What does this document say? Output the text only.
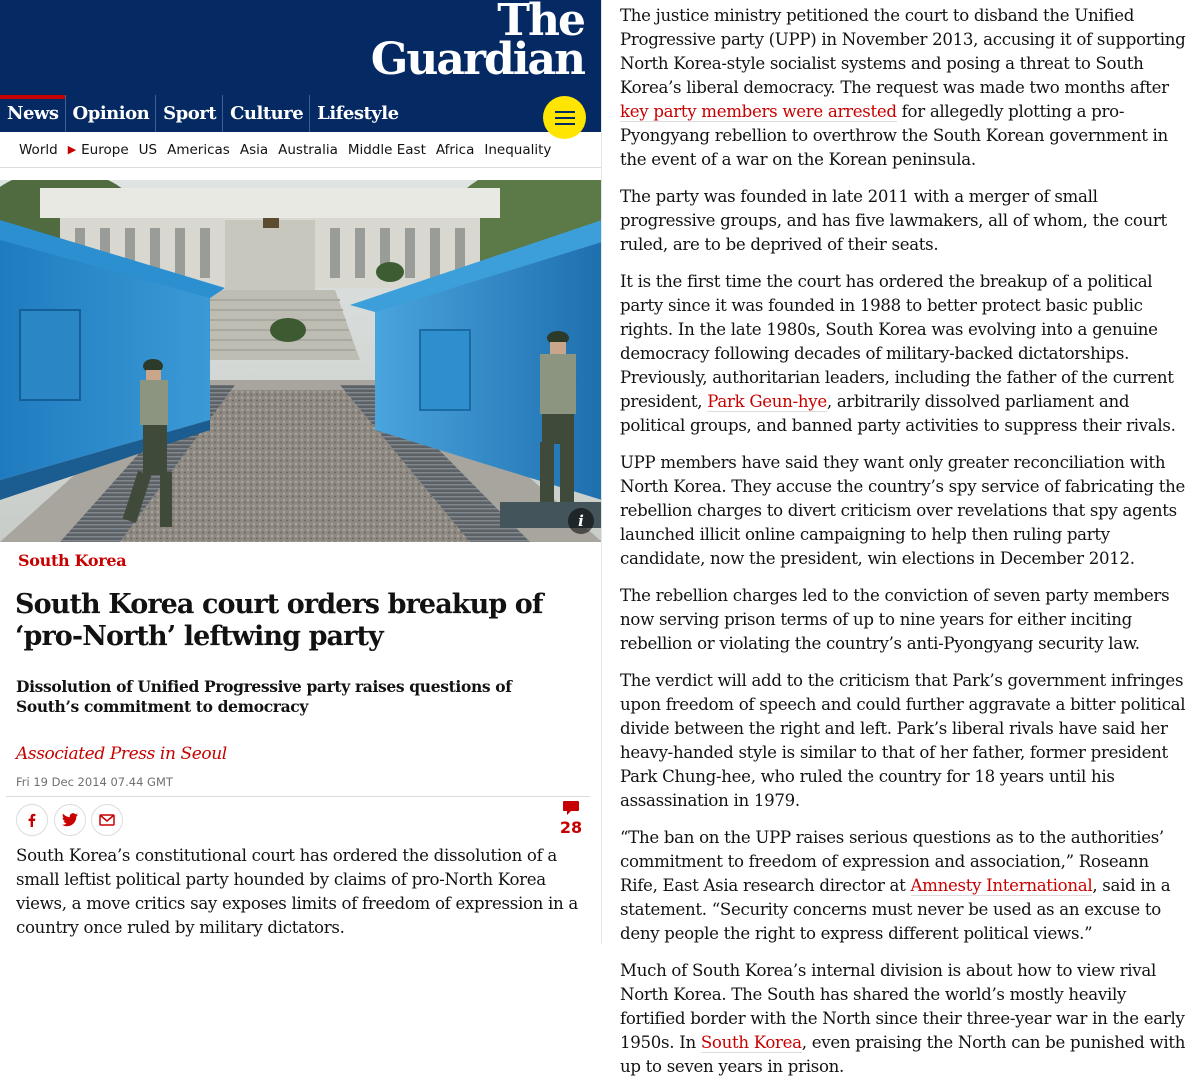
The
Guardian
News Opinion Sport Culture Lifestyle
World ▶ Europe US Americas Asia Australia Middle East Africa Inequality
i
South Korea
South Korea court orders breakup of ‘pro-North’ leftwing party
Dissolution of Unified Progressive party raises questions of South’s commitment to democracy
Associated Press in Seoul
Fri 19 Dec 2014 07.44 GMT
28

South Korea’s constitutional court has ordered the dissolution of a small leftist political party hounded by claims of pro-North Korea views, a move critics say exposes limits of freedom of expression in a country once ruled by military dictators.

The justice ministry petitioned the court to disband the Unified Progressive party (UPP) in November 2013, accusing it of supporting North Korea-style socialist systems and posing a threat to South Korea’s liberal democracy. The request was made two months after key party members were arrested for allegedly plotting a pro-Pyongyang rebellion to overthrow the South Korean government in the event of a war on the Korean peninsula.

The party was founded in late 2011 with a merger of small progressive groups, and has five lawmakers, all of whom, the court ruled, are to be deprived of their seats.

It is the first time the court has ordered the breakup of a political party since it was founded in 1988 to better protect basic public rights. In the late 1980s, South Korea was evolving into a genuine democracy following decades of military-backed dictatorships. Previously, authoritarian leaders, including the father of the current president, Park Geun-hye, arbitrarily dissolved parliament and political groups, and banned party activities to suppress their rivals.

UPP members have said they want only greater reconciliation with North Korea. They accuse the country’s spy service of fabricating the rebellion charges to divert criticism over revelations that spy agents launched illicit online campaigning to help then ruling party candidate, now the president, win elections in December 2012.

The rebellion charges led to the conviction of seven party members now serving prison terms of up to nine years for either inciting rebellion or violating the country’s anti-Pyongyang security law.

The verdict will add to the criticism that Park’s government infringes upon freedom of speech and could further aggravate a bitter political divide between the right and left. Park’s liberal rivals have said her heavy-handed style is similar to that of her father, former president Park Chung-hee, who ruled the country for 18 years until his assassination in 1979.

“The ban on the UPP raises serious questions as to the authorities’ commitment to freedom of expression and association,” Roseann Rife, East Asia research director at Amnesty International, said in a statement. “Security concerns must never be used as an excuse to deny people the right to express different political views.”

Much of South Korea’s internal division is about how to view rival North Korea. The South has shared the world’s mostly heavily fortified border with the North since their three-year war in the early 1950s. In South Korea, even praising the North can be punished with up to seven years in prison.
